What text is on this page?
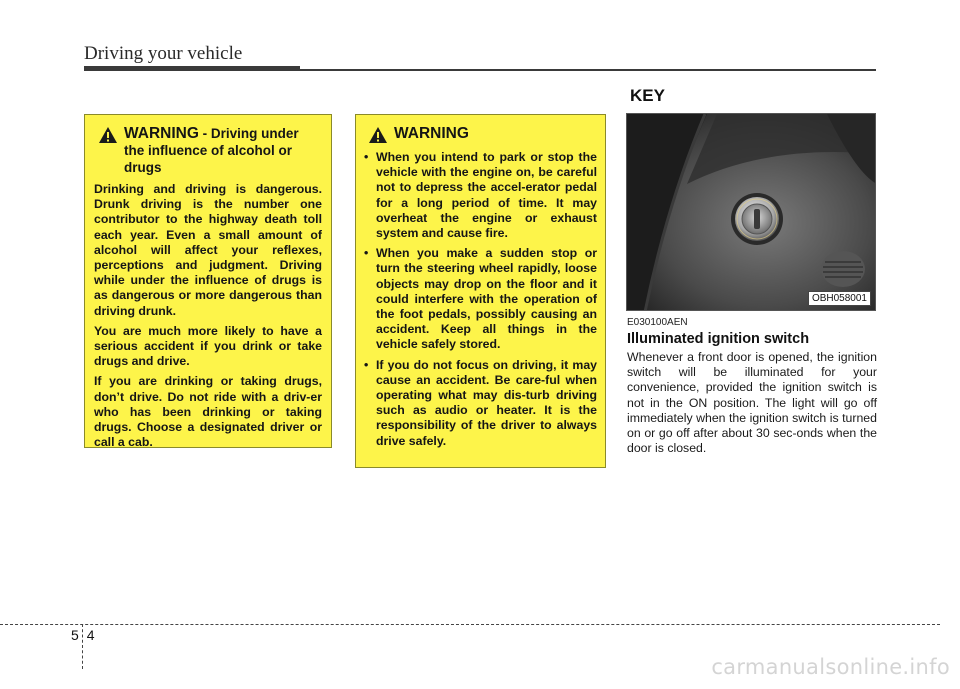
Driving your vehicle
KEY
WARNING - Driving under the influence of alcohol or drugs

Drinking and driving is dangerous. Drunk driving is the number one contributor to the highway death toll each year. Even a small amount of alcohol will affect your reflexes, perceptions and judgment. Driving while under the influence of drugs is as dangerous or more dangerous than driving drunk.

You are much more likely to have a serious accident if you drink or take drugs and drive.

If you are drinking or taking drugs, don’t drive. Do not ride with a driv-er who has been drinking or taking drugs. Choose a designated driver or call a cab.

WARNING
• When you intend to park or stop the vehicle with the engine on, be careful not to depress the accel-erator pedal for a long period of time. It may overheat the engine or exhaust system and cause fire.
• When you make a sudden stop or turn the steering wheel rapidly, loose objects may drop on the floor and it could interfere with the operation of the foot pedals, possibly causing an accident. Keep all things in the vehicle safely stored.
• If you do not focus on driving, it may cause an accident. Be care-ful when operating what may dis-turb driving such as audio or heater. It is the responsibility of the driver to always drive safely.
OBH058001
E030100AEN
Illuminated ignition switch
Whenever a front door is opened, the ignition switch will be illuminated for your convenience, provided the ignition switch is not in the ON position. The light will go off immediately when the ignition switch is turned on or go off after about 30 sec-onds when the door is closed.
54
carmanualsonline.info
